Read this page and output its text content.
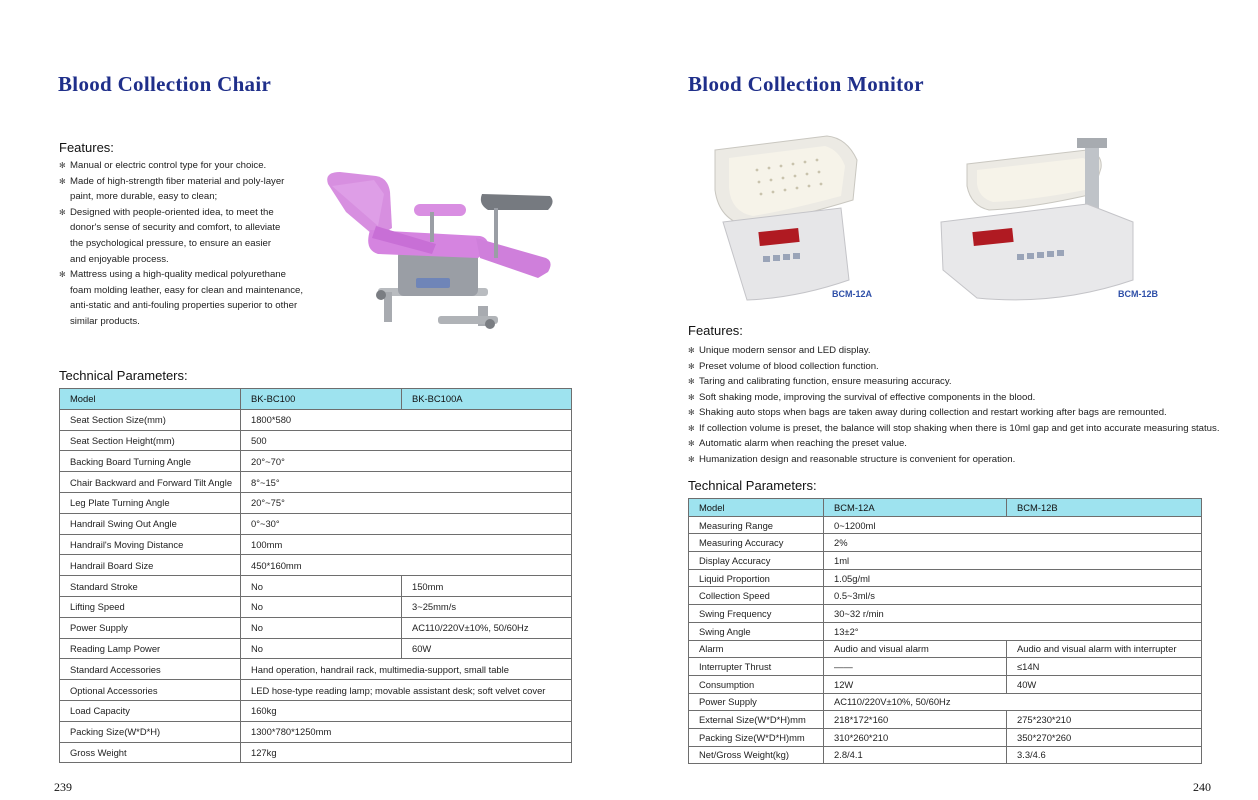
Blood Collection Chair
Features:
✻ Manual or electric control type for your choice.
✻ Made of high-strength fiber material and poly-layer
paint, more durable, easy to clean;
✻ Designed with people-oriented idea, to meet the
donor's sense of security and comfort, to alleviate
the psychological pressure, to ensure an easier
and enjoyable process.
✻ Mattress using a high-quality medical polyurethane
foam molding leather, easy for clean and maintenance,
anti-static and anti-fouling properties superior to other
similar products.
Technical Parameters:
Model	BK-BC100	BK-BC100A
Seat Section Size(mm)	1800*580	
Seat Section Height(mm)	500	
Backing Board Turning Angle	20°~70°	
Chair Backward and Forward Tilt Angle	8°~15°	
Leg Plate Turning Angle	20°~75°	
Handrail Swing Out Angle	0°~30°	
Handrail's Moving Distance	100mm	
Handrail Board Size	450*160mm	
Standard Stroke	No	150mm
Lifting Speed	No	3~25mm/s
Power Supply	No	AC110/220V±10%, 50/60Hz
Reading Lamp Power	No	60W
Standard Accessories	Hand operation, handrail rack, multimedia-support, small table	
Optional Accessories	LED hose-type reading lamp; movable assistant desk; soft velvet cover	
Load Capacity	160kg	
Packing Size(W*D*H)	1300*780*1250mm	
Gross Weight	127kg	
239
Blood Collection Monitor
BCM-12A	BCM-12B
Features:
✻ Unique modern sensor and LED display.
✻ Preset volume of blood collection function.
✻ Taring and calibrating function, ensure measuring accuracy.
✻ Soft shaking mode, improving the survival of effective components in the blood.
✻ Shaking auto stops when bags are taken away during collection and restart working after bags are remounted.
✻ If collection volume is preset, the balance will stop shaking when there is 10ml gap and get into accurate measuring status.
✻ Automatic alarm when reaching the preset value.
✻ Humanization design and reasonable structure is convenient for operation.
Technical Parameters:
Model	BCM-12A	BCM-12B
Measuring Range	0~1200ml	
Measuring Accuracy	2%	
Display Accuracy	1ml	
Liquid Proportion	1.05g/ml	
Collection Speed	0.5~3ml/s	
Swing Frequency	30~32 r/min	
Swing Angle	13±2°	
Alarm	Audio and visual alarm	Audio and visual alarm with interrupter
Interrupter Thrust	——	≤14N
Consumption	12W	40W
Power Supply	AC110/220V±10%, 50/60Hz	
External Size(W*D*H)mm	218*172*160	275*230*210
Packing Size(W*D*H)mm	310*260*210	350*270*260
Net/Gross Weight(kg)	2.8/4.1	3.3/4.6
240
